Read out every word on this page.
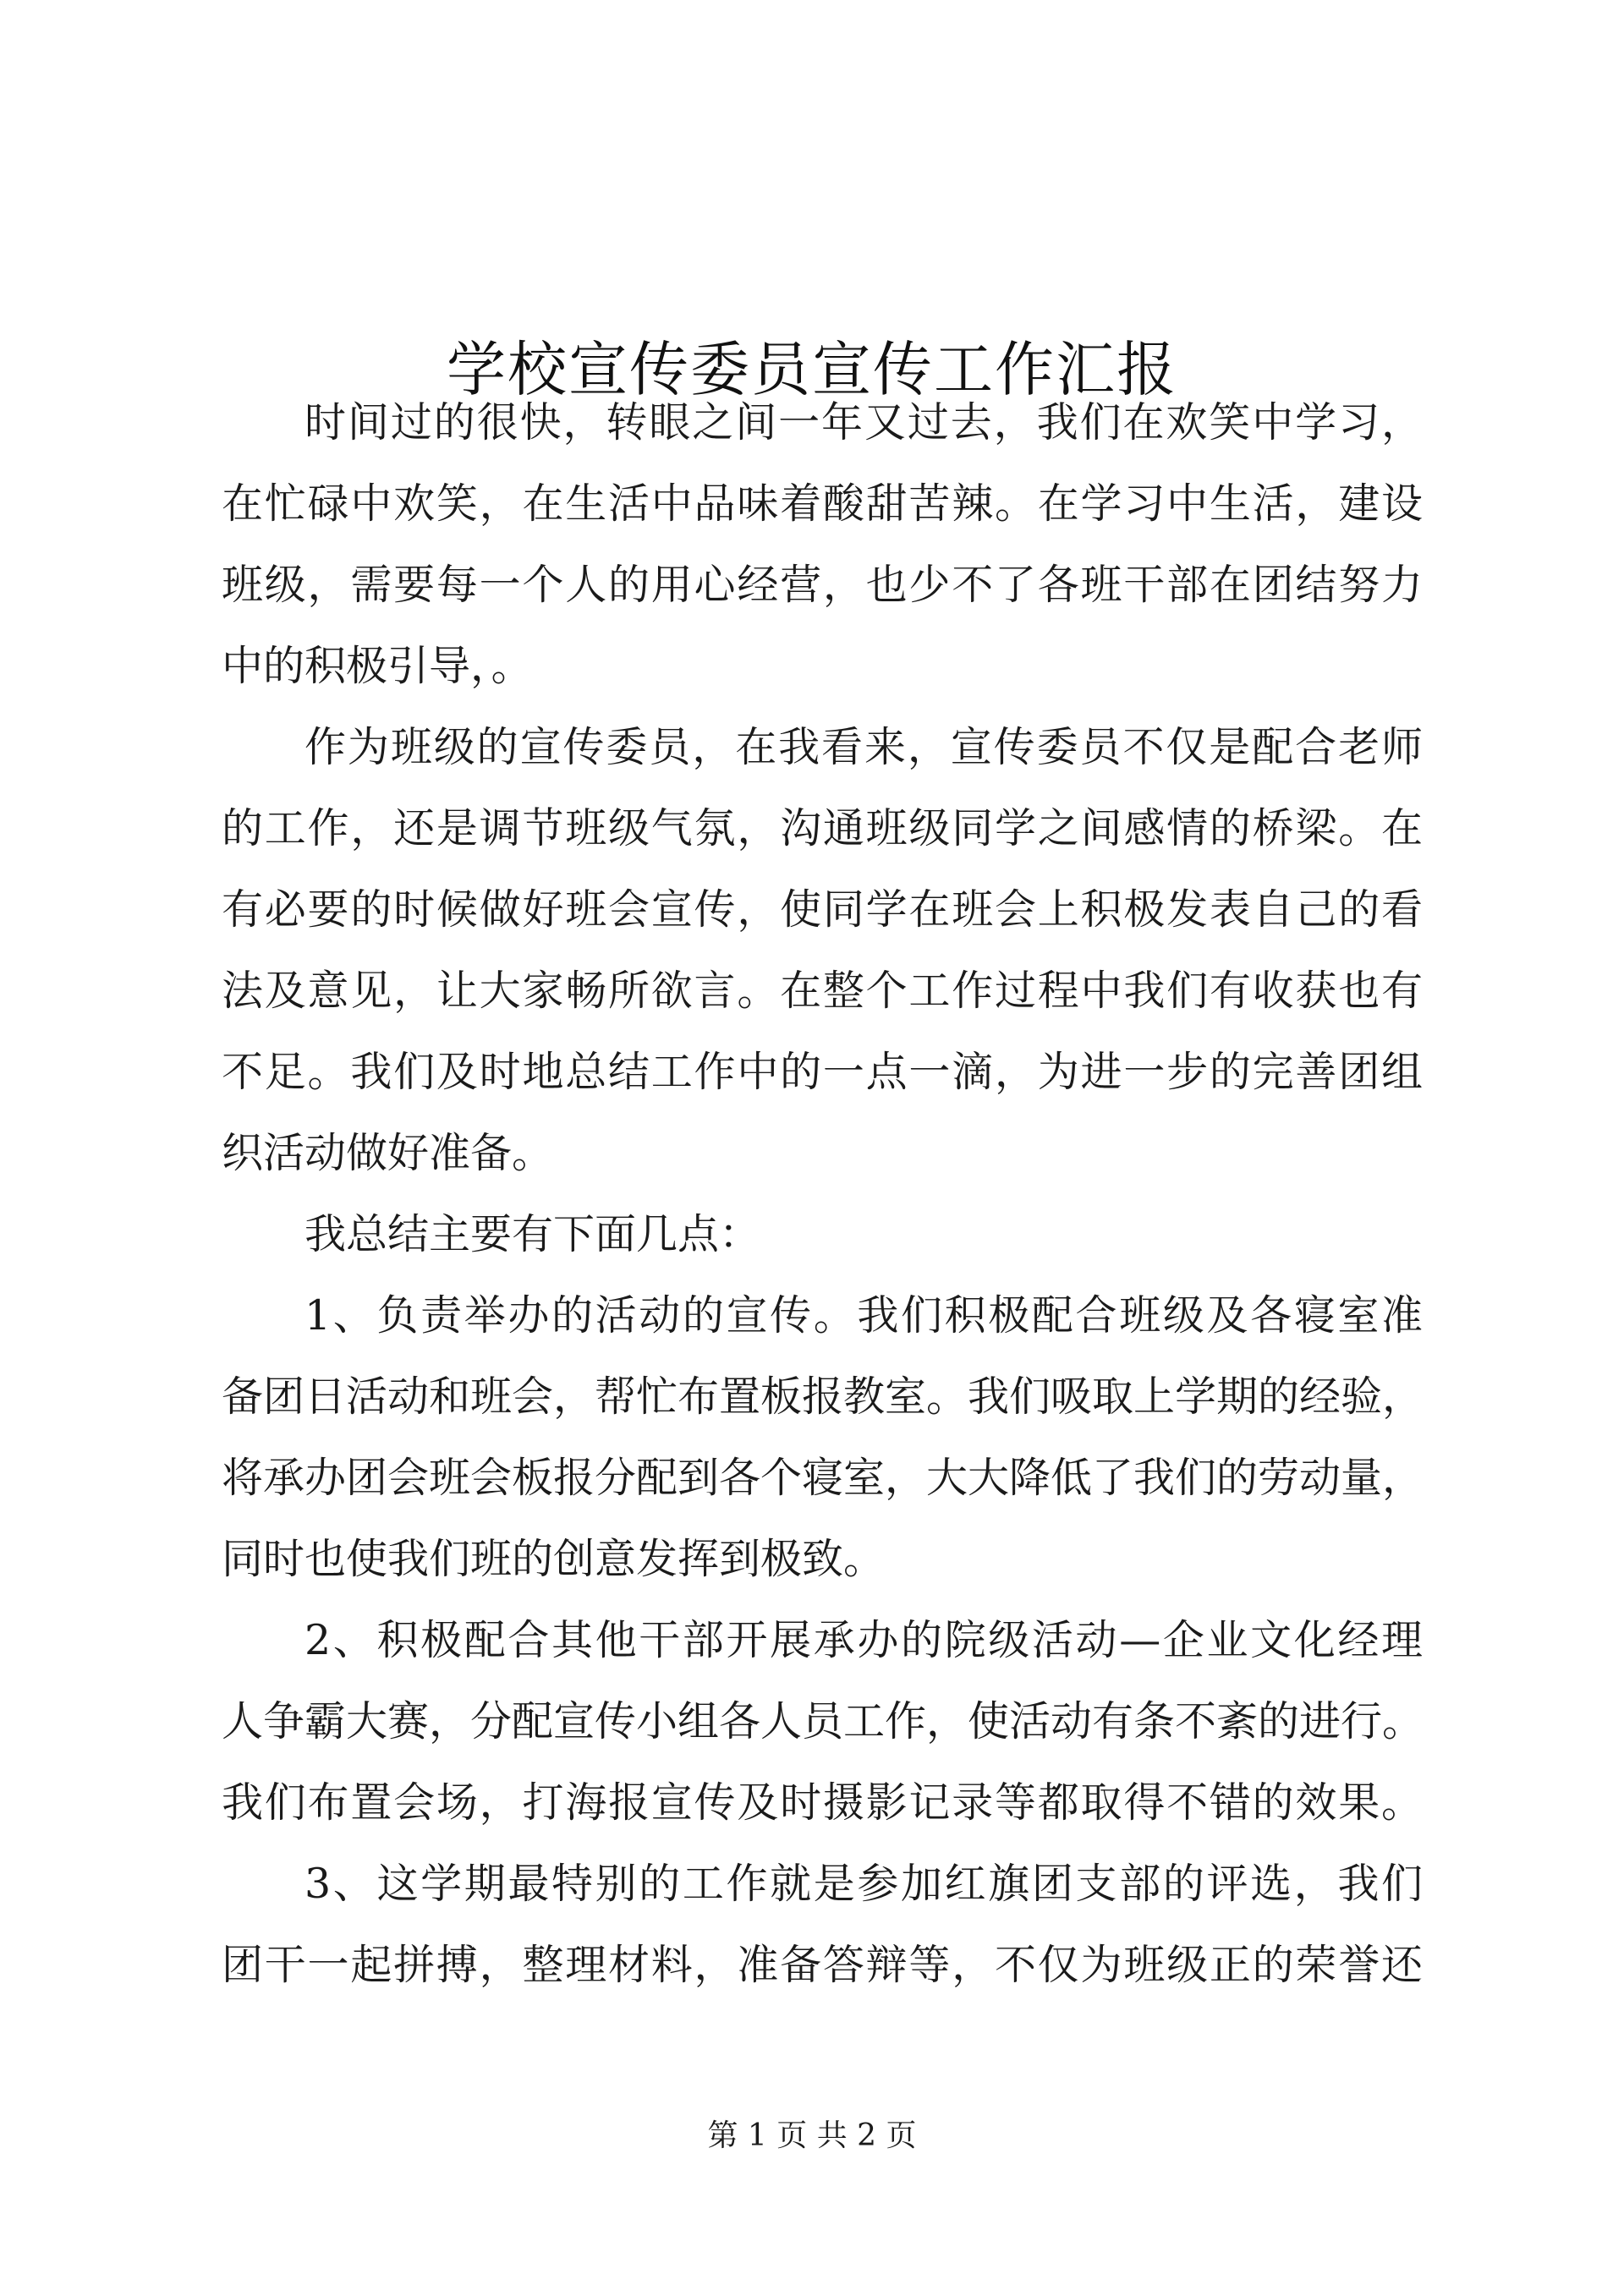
学校宣传委员宣传工作汇报

时间过的很快，转眼之间一年又过去，我们在欢笑中学习，
在忙碌中欢笑，在生活中品味着酸甜苦辣。在学习中生活，建设
班级，需要每一个人的用心经营，也少不了各班干部在团结努力
中的积极引导，。

作为班级的宣传委员，在我看来，宣传委员不仅是配合老师
的工作，还是调节班级气氛，沟通班级同学之间感情的桥梁。在
有必要的时候做好班会宣传，使同学在班会上积极发表自己的看
法及意见，让大家畅所欲言。在整个工作过程中我们有收获也有
不足。我们及时地总结工作中的一点一滴，为进一步的完善团组
织活动做好准备。

我总结主要有下面几点：

1、负责举办的活动的宣传。我们积极配合班级及各寝室准
备团日活动和班会，帮忙布置板报教室。我们吸取上学期的经验，
将承办团会班会板报分配到各个寝室，大大降低了我们的劳动量，
同时也使我们班的创意发挥到极致。

2、积极配合其他干部开展承办的院级活动—企业文化经理
人争霸大赛，分配宣传小组各人员工作，使活动有条不紊的进行。
我们布置会场，打海报宣传及时摄影记录等都取得不错的效果。

3、这学期最特别的工作就是参加红旗团支部的评选，我们
团干一起拼搏，整理材料，准备答辩等，不仅为班级正的荣誉还

第 1 页 共 2 页
